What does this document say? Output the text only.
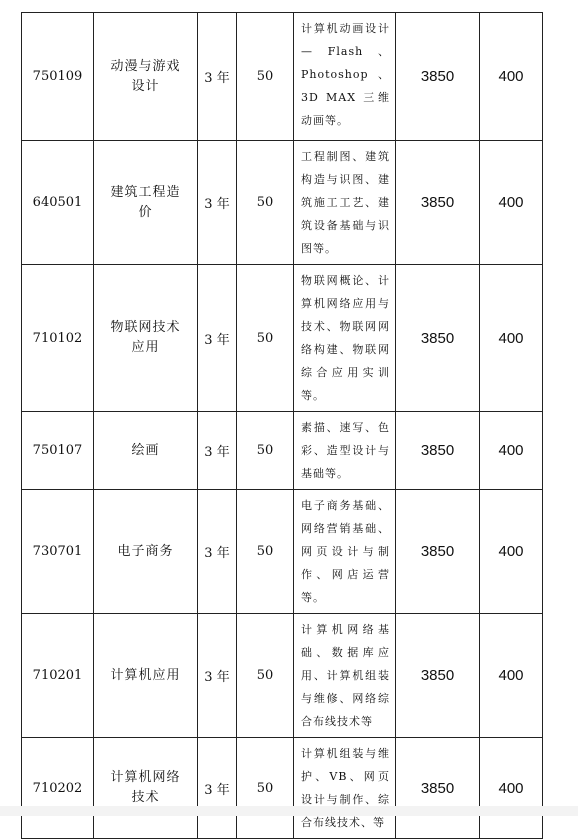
750109	动漫与游戏设计	3 年	50	计算机动画设计— Flash 、Photoshop、3D MAX 三维动画等。	3850	400
640501	建筑工程造价	3 年	50	工程制图、建筑构造与识图、建筑施工工艺、建筑设备基础与识图等。	3850	400
710102	物联网技术应用	3 年	50	物联网概论、计算机网络应用与技术、物联网网络构建、物联网综合应用实训等。	3850	400
750107	绘画	3 年	50	素描、速写、色彩、造型设计与基础等。	3850	400
730701	电子商务	3 年	50	电子商务基础、网络营销基础、网页设计与制作、网店运营等。	3850	400
710201	计算机应用	3 年	50	计算机网络基础、数据库应用、计算机组装与维修、网络综合布线技术等	3850	400
710202	计算机网络技术	3 年	50	计算机组装与维护、VB、网页设计与制作、综合布线技术、等	3850	400
